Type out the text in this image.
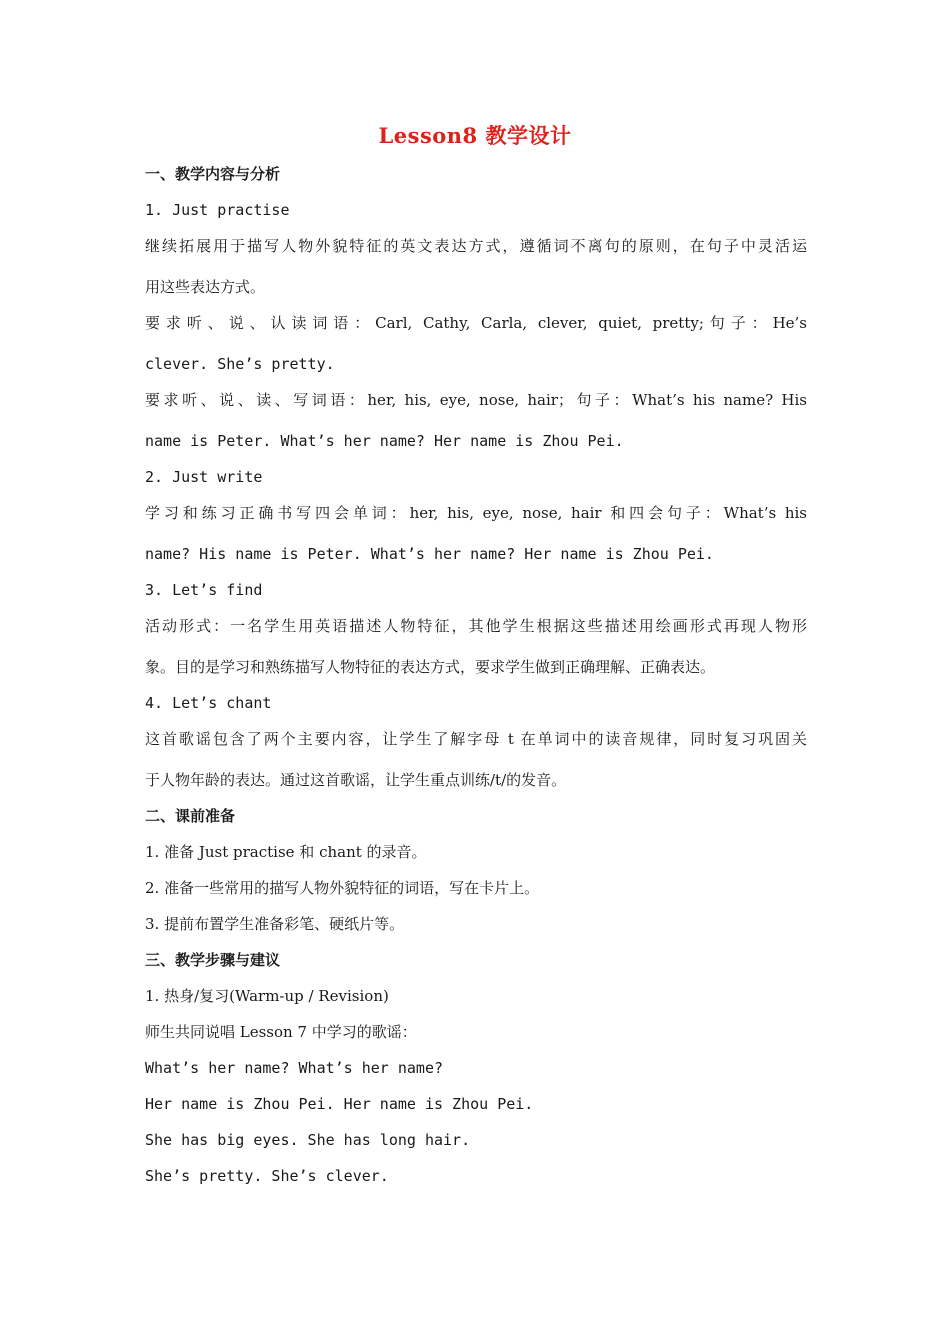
Lesson8 教学设计
一、教学内容与分析
1. Just practise
继续拓展用于描写人物外貌特征的英文表达方式，遵循词不离句的原则，在句子中灵活运
用这些表达方式。
要求听、说、认读词语：Carl, Cathy, Carla, clever, quiet, pretty;句子：He’s
clever. She’s pretty.
要求听、说、读、写词语：her, his, eye, nose, hair；句子：What’s his name? His
name is Peter. What’s her name? Her name is Zhou Pei.
2. Just write
学习和练习正确书写四会单词：her, his, eye, nose, hair 和四会句子：What’s his
name? His name is Peter. What’s her name? Her name is Zhou Pei.
3. Let’s find
活动形式：一名学生用英语描述人物特征，其他学生根据这些描述用绘画形式再现人物形
象。目的是学习和熟练描写人物特征的表达方式，要求学生做到正确理解、正确表达。
4. Let’s chant
这首歌谣包含了两个主要内容，让学生了解字母 t 在单词中的读音规律，同时复习巩固关
于人物年龄的表达。通过这首歌谣，让学生重点训练/t/的发音。
二、课前准备
1. 准备 Just practise 和 chant 的录音。
2. 准备一些常用的描写人物外貌特征的词语，写在卡片上。
3. 提前布置学生准备彩笔、硬纸片等。
三、教学步骤与建议
1. 热身/复习(Warm-up / Revision)
师生共同说唱 Lesson 7 中学习的歌谣：
What’s her name? What’s her name?
Her name is Zhou Pei. Her name is Zhou Pei.
She has big eyes. She has long hair.
She’s pretty. She’s clever.
